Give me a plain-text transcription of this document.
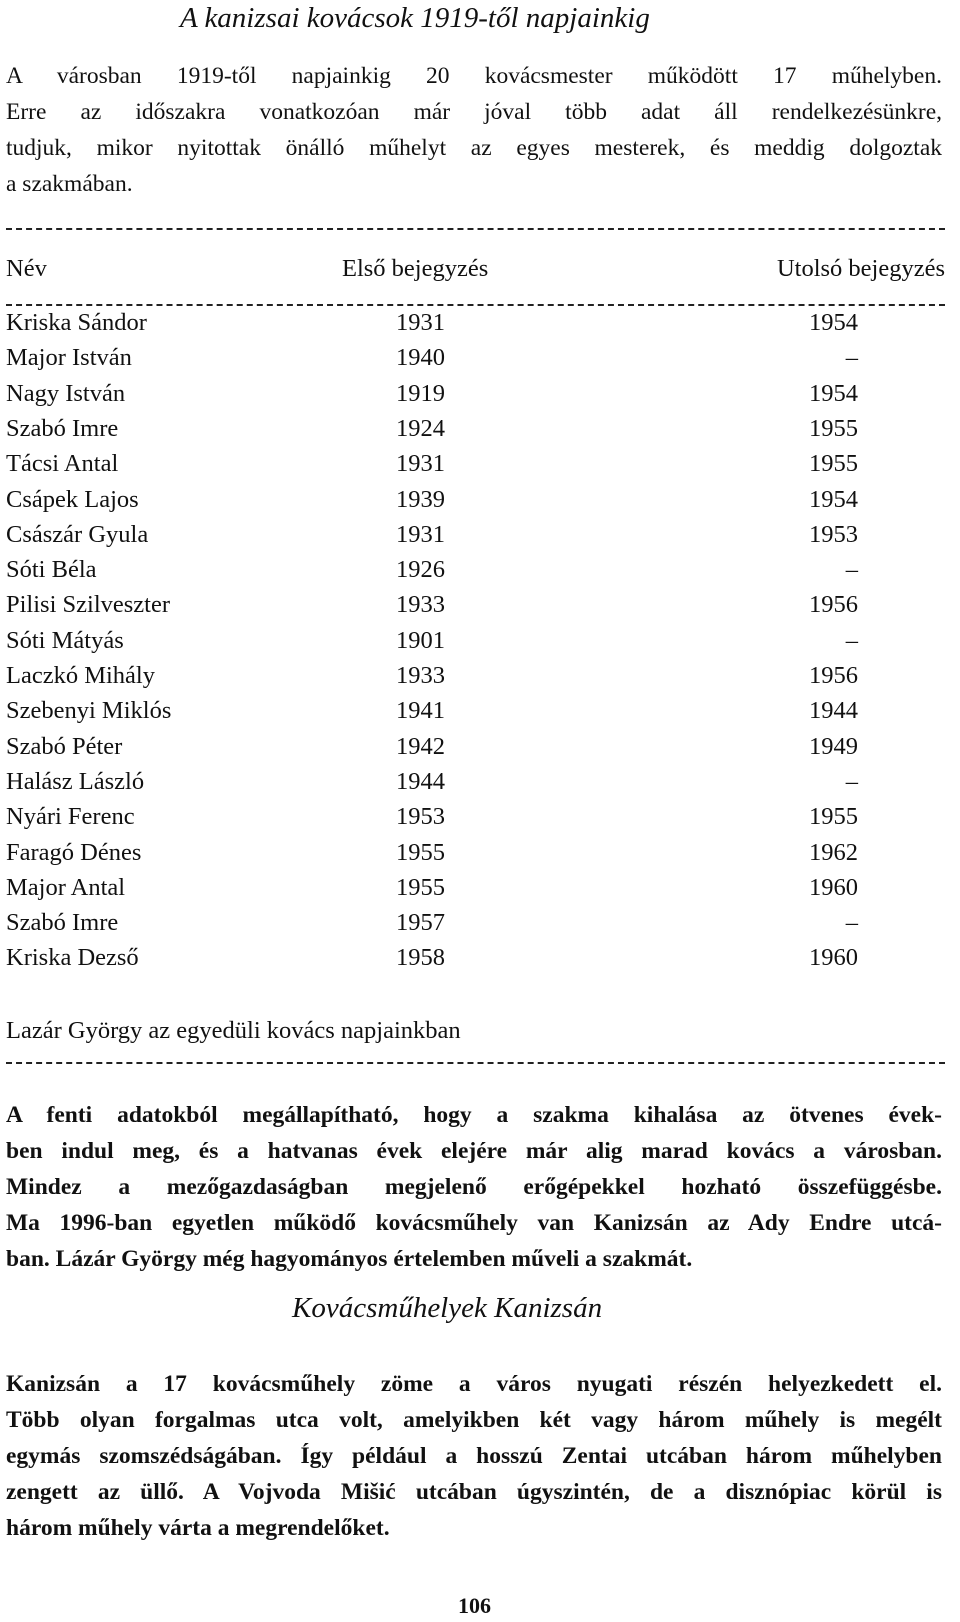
A kanizsai kovácsok 1919-től napjainkig
A városban 1919-től napjainkig 20 kovácsmester működött 17 műhelyben.
Erre az időszakra vonatkozóan már jóval több adat áll rendelkezésünkre,
tudjuk, mikor nyitottak önálló műhelyt az egyes mesterek, és meddig dolgoztak
a szakmában.
Név	Első bejegyzés	Utolsó bejegyzés
Kriska Sándor	1931	1954
Major István	1940	–
Nagy István	1919	1954
Szabó Imre	1924	1955
Tácsi Antal	1931	1955
Csápek Lajos	1939	1954
Császár Gyula	1931	1953
Sóti Béla	1926	–
Pilisi Szilveszter	1933	1956
Sóti Mátyás	1901	–
Laczkó Mihály	1933	1956
Szebenyi Miklós	1941	1944
Szabó Péter	1942	1949
Halász László	1944	–
Nyári Ferenc	1953	1955
Faragó Dénes	1955	1962
Major Antal	1955	1960
Szabó Imre	1957	–
Kriska Dezső	1958	1960
Lazár György az egyedüli kovács napjainkban
A fenti adatokból megállapítható, hogy a szakma kihalása az ötvenes évek-
ben indul meg, és a hatvanas évek elejére már alig marad kovács a városban.
Mindez a mezőgazdaságban megjelenő erőgépekkel hozható összefüggésbe.
Ma 1996-ban egyetlen működő kovácsműhely van Kanizsán az Ady Endre utcá-
ban. Lázár György még hagyományos értelemben műveli a szakmát.
Kovácsműhelyek Kanizsán
Kanizsán a 17 kovácsműhely zöme a város nyugati részén helyezkedett el.
Több olyan forgalmas utca volt, amelyikben két vagy három műhely is megélt
egymás szomszédságában. Így például a hosszú Zentai utcában három műhelyben
zengett az üllő. A Vojvoda Mišić utcában úgyszintén, de a disznópiac körül is
három műhely várta a megrendelőket.
106
